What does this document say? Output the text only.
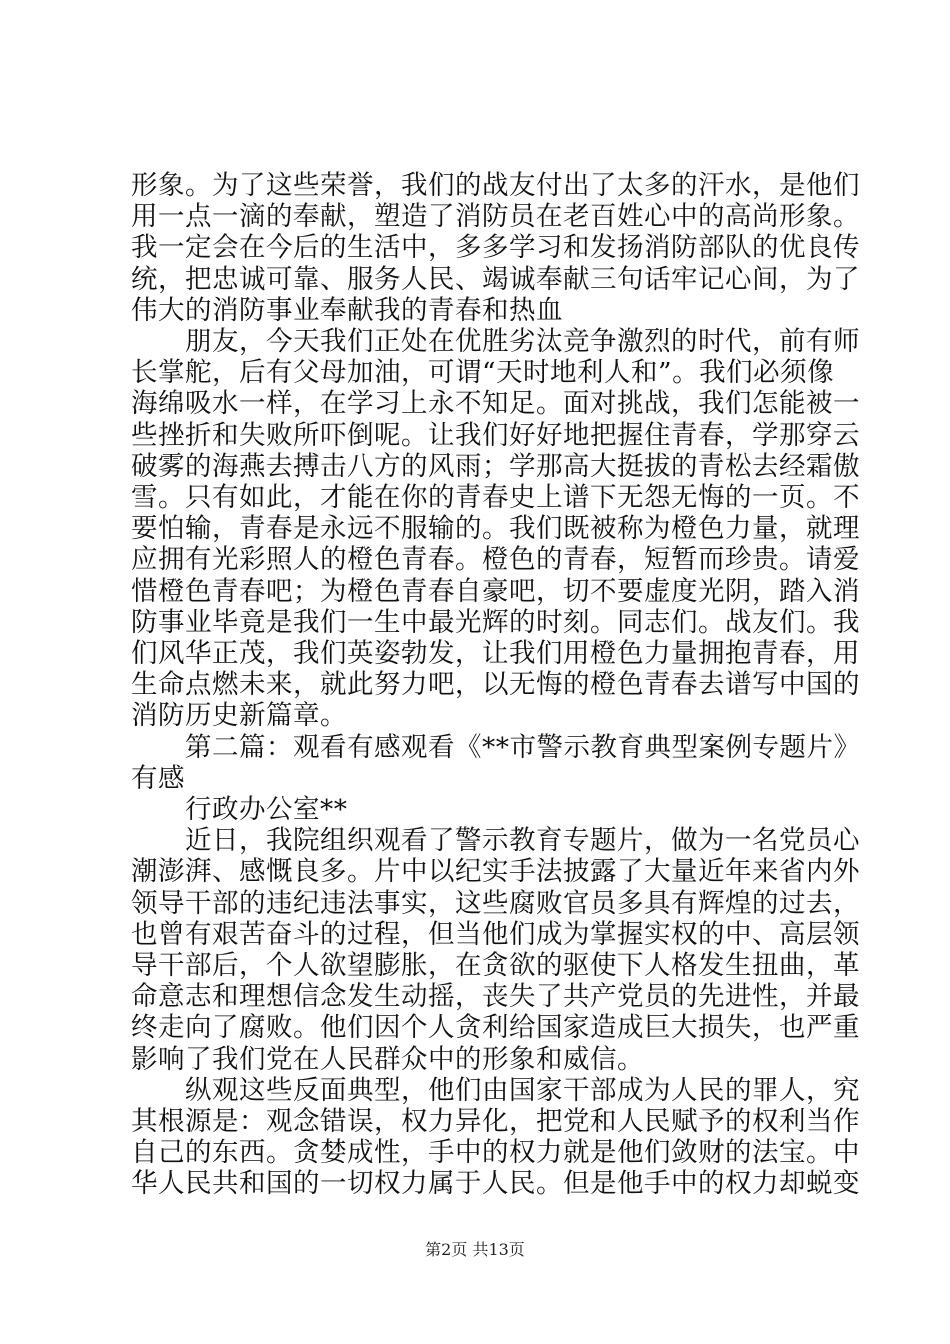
形象。为了这些荣誉，我们的战友付出了太多的汗水，是他们
用一点一滴的奉献，塑造了消防员在老百姓心中的高尚形象。
我一定会在今后的生活中，多多学习和发扬消防部队的优良传
统，把忠诚可靠、服务人民、竭诚奉献三句话牢记心间，为了
伟大的消防事业奉献我的青春和热血
　　朋友，今天我们正处在优胜劣汰竞争激烈的时代，前有师
长掌舵，后有父母加油，可谓“天时地利人和”。我们必须像
海绵吸水一样，在学习上永不知足。面对挑战，我们怎能被一
些挫折和失败所吓倒呢。让我们好好地把握住青春，学那穿云
破雾的海燕去搏击八方的风雨；学那高大挺拔的青松去经霜傲
雪。只有如此，才能在你的青春史上谱下无怨无悔的一页。不
要怕输，青春是永远不服输的。我们既被称为橙色力量，就理
应拥有光彩照人的橙色青春。橙色的青春，短暂而珍贵。请爱
惜橙色青春吧；为橙色青春自豪吧，切不要虚度光阴，踏入消
防事业毕竟是我们一生中最光辉的时刻。同志们。战友们。我
们风华正茂，我们英姿勃发，让我们用橙色力量拥抱青春，用
生命点燃未来，就此努力吧，以无悔的橙色青春去谱写中国的
消防历史新篇章。
　　第二篇：观看有感观看《**市警示教育典型案例专题片》
有感
　　行政办公室**
　　近日，我院组织观看了警示教育专题片，做为一名党员心
潮澎湃、感慨良多。片中以纪实手法披露了大量近年来省内外
领导干部的违纪违法事实，这些腐败官员多具有辉煌的过去，
也曾有艰苦奋斗的过程，但当他们成为掌握实权的中、高层领
导干部后，个人欲望膨胀，在贪欲的驱使下人格发生扭曲，革
命意志和理想信念发生动摇，丧失了共产党员的先进性，并最
终走向了腐败。他们因个人贪利给国家造成巨大损失，也严重
影响了我们党在人民群众中的形象和威信。
　　纵观这些反面典型，他们由国家干部成为人民的罪人，究
其根源是：观念错误，权力异化，把党和人民赋予的权利当作
自己的东西。贪婪成性，手中的权力就是他们敛财的法宝。中
华人民共和国的一切权力属于人民。但是他手中的权力却蜕变
第2页 共13页
